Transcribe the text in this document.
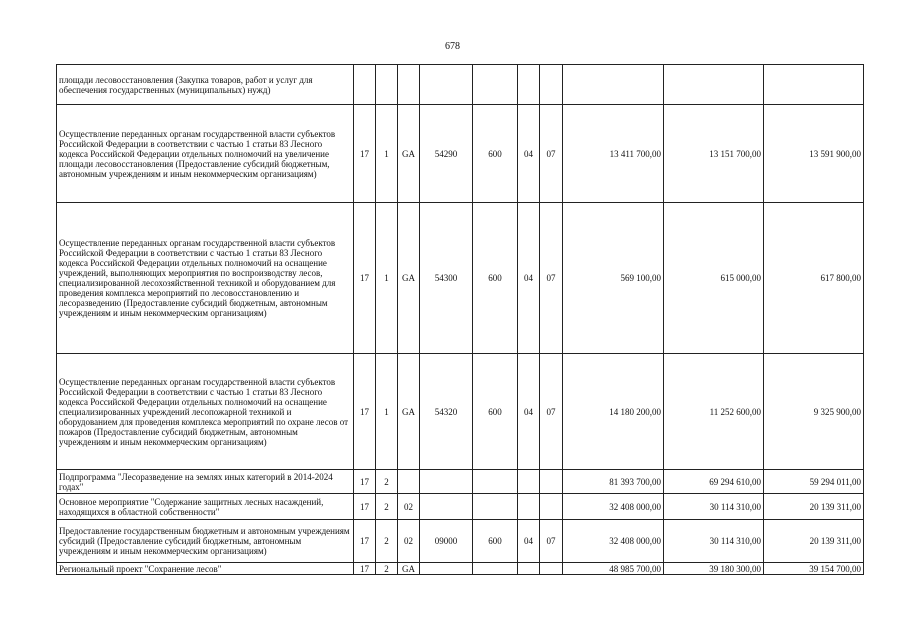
678
площади лесовосстановления (Закупка товаров, работ и услуг для обеспечения государственных (муниципальных) нужд)										
Осуществление переданных органам государственной власти субъектов Российской Федерации в соответствии с частью 1 статьи 83 Лесного кодекса Российской Федерации отдельных полномочий на увеличение площади лесовосстановления (Предоставление субсидий бюджетным, автономным учреждениям и иным некоммерческим организациям)	17	1	GA	54290	600	04	07	13 411 700,00	13 151 700,00	13 591 900,00
Осуществление переданных органам государственной власти субъектов Российской Федерации в соответствии с частью 1 статьи 83 Лесного кодекса Российской Федерации отдельных полномочий на оснащение учреждений, выполняющих мероприятия по воспроизводству лесов, специализированной лесохозяйственной техникой и оборудованием для проведения комплекса мероприятий по лесовосстановлению и лесоразведению (Предоставление субсидий бюджетным, автономным учреждениям и иным некоммерческим организациям)	17	1	GA	54300	600	04	07	569 100,00	615 000,00	617 800,00
Осуществление переданных органам государственной власти субъектов Российской Федерации в соответствии с частью 1 статьи 83 Лесного кодекса Российской Федерации отдельных полномочий на оснащение специализированных учреждений лесопожарной техникой и оборудованием для проведения комплекса мероприятий по охране лесов от пожаров (Предоставление субсидий бюджетным, автономным учреждениям и иным некоммерческим организациям)	17	1	GA	54320	600	04	07	14 180 200,00	11 252 600,00	9 325 900,00
Подпрограмма "Лесоразведение на землях иных категорий в 2014-2024 годах"	17	2						81 393 700,00	69 294 610,00	59 294 011,00
Основное мероприятие "Содержание защитных лесных насаждений, находящихся в областной собственности"	17	2	02					32 408 000,00	30 114 310,00	20 139 311,00
Предоставление государственным бюджетным и автономным учреждениям субсидий (Предоставление субсидий бюджетным, автономным учреждениям и иным некоммерческим организациям)	17	2	02	09000	600	04	07	32 408 000,00	30 114 310,00	20 139 311,00
Региональный проект "Сохранение лесов"	17	2	GA					48 985 700,00	39 180 300,00	39 154 700,00
